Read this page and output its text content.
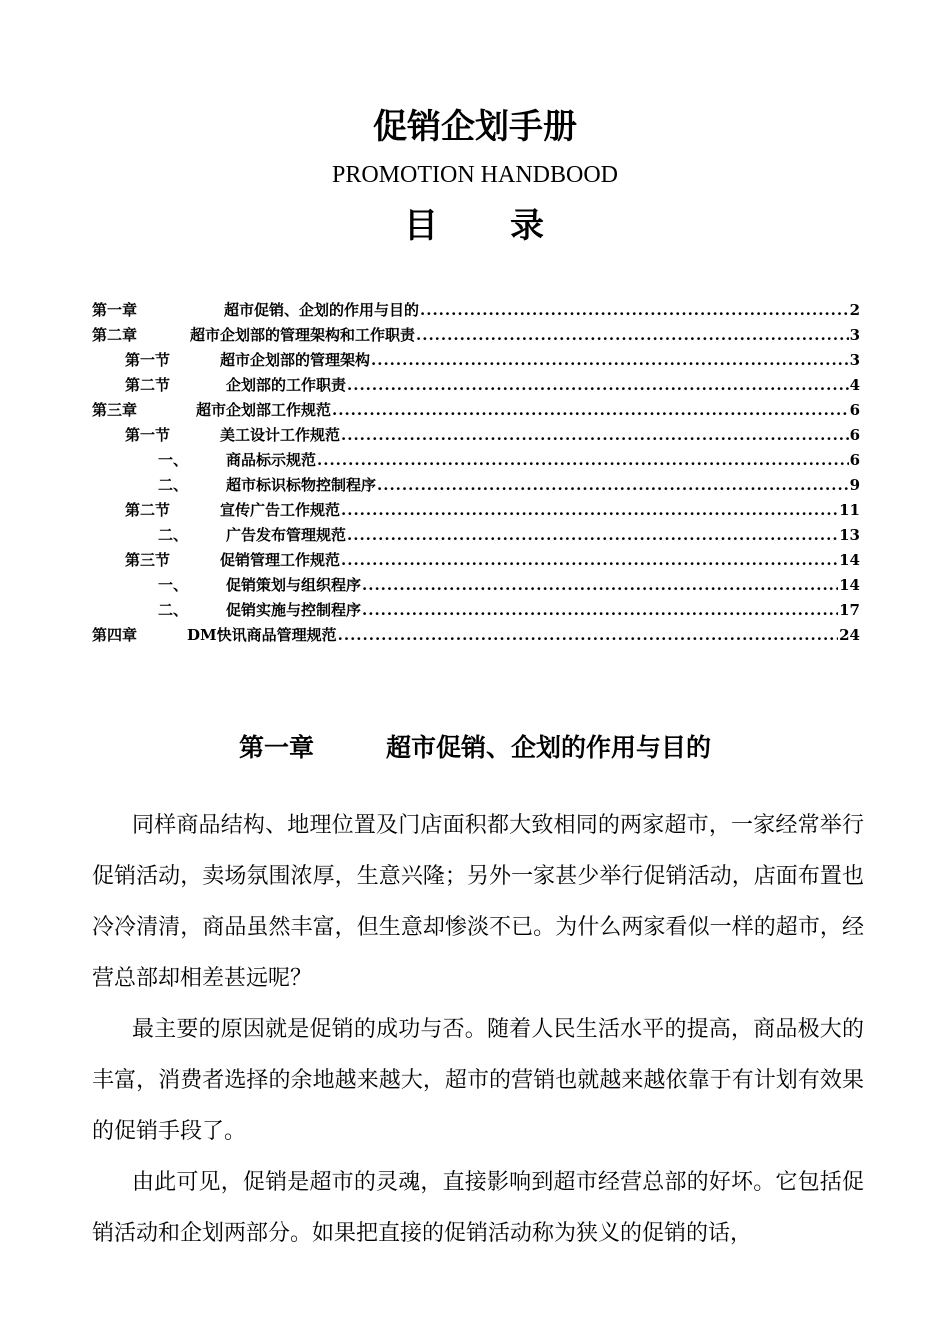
促销企划手册
PROMOTION HANDBOOD
目 录
第一章	超市促销、企划的作用与目的 .....	2
第二章	超市企划部的管理架构和工作职责 .....	3
第一节	超市企划部的管理架构 .....	3
第二节	企划部的工作职责 .....	4
第三章	超市企划部工作规范 .....	6
第一节	美工设计工作规范 .....	6
一、	商品标示规范 .....	6
二、	超市标识标物控制程序 .....	9
第二节	宣传广告工作规范 .....	11
二、	广告发布管理规范 .....	13
第三节	促销管理工作规范 .....	14
一、	促销策划与组织程序 .....	14
二、	促销实施与控制程序 .....	17
第四章	DM快讯商品管理规范 .....	24
第一章	超市促销、企划的作用与目的

同样商品结构、地理位置及门店面积都大致相同的两家超市，一家经常举行促销活动，卖场氛围浓厚，生意兴隆；另外一家甚少举行促销活动，店面布置也冷冷清清，商品虽然丰富，但生意却惨淡不已。为什么两家看似一样的超市，经营总部却相差甚远呢？

最主要的原因就是促销的成功与否。随着人民生活水平的提高，商品极大的丰富，消费者选择的余地越来越大，超市的营销也就越来越依靠于有计划有效果的促销手段了。

由此可见，促销是超市的灵魂，直接影响到超市经营总部的好坏。它包括促销活动和企划两部分。如果把直接的促销活动称为狭义的促销的话，
